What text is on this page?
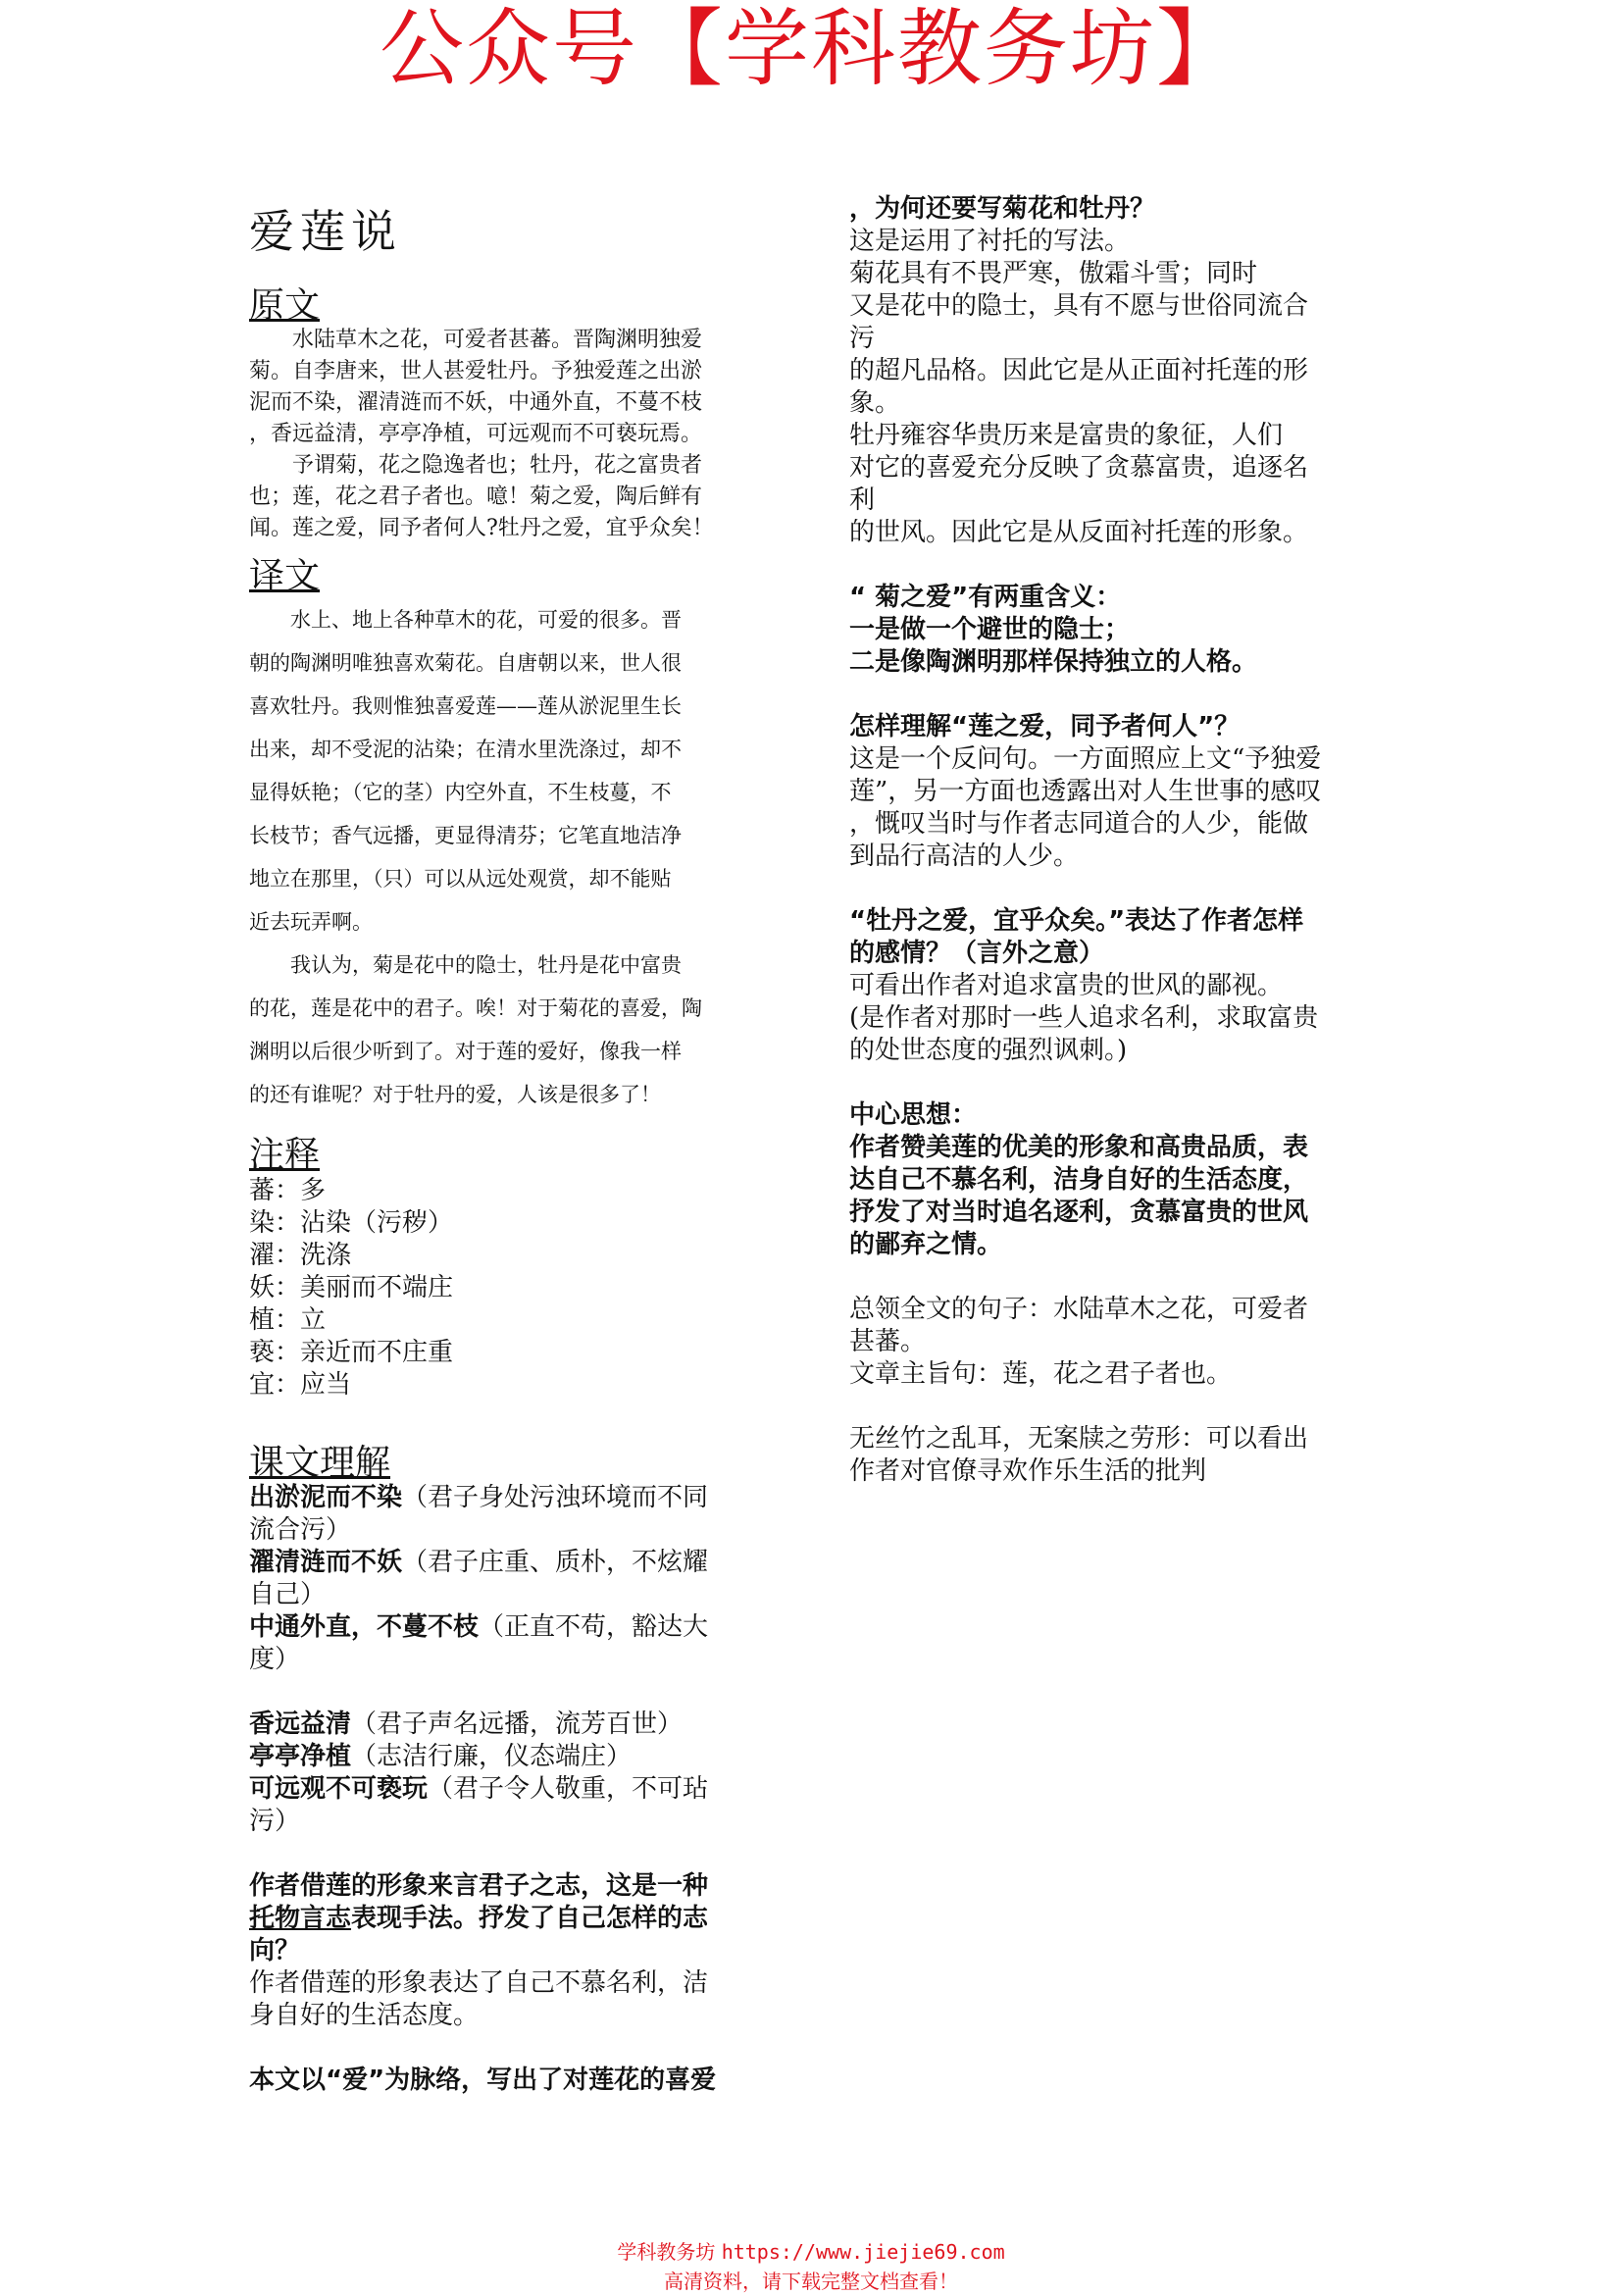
公众号【学科教务坊】
爱莲说
原文
水陆草木之花，可爱者甚蕃。晋陶渊明独爱
菊。自李唐来，世人甚爱牡丹。予独爱莲之出淤
泥而不染，濯清涟而不妖，中通外直，不蔓不枝
，香远益清，亭亭净植，可远观而不可亵玩焉。
予谓菊，花之隐逸者也；牡丹，花之富贵者
也；莲，花之君子者也。噫！菊之爱，陶后鲜有
闻。莲之爱，同予者何人?牡丹之爱，宜乎众矣！
译文
水上、地上各种草木的花，可爱的很多。晋
朝的陶渊明唯独喜欢菊花。自唐朝以来，世人很
喜欢牡丹。我则惟独喜爱莲——莲从淤泥里生长
出来，却不受泥的沾染；在清水里洗涤过，却不
显得妖艳；（它的茎）内空外直，不生枝蔓，不
长枝节；香气远播，更显得清芬；它笔直地洁净
地立在那里，（只）可以从远处观赏，却不能贴
近去玩弄啊。
我认为，菊是花中的隐士，牡丹是花中富贵
的花，莲是花中的君子。唉！对于菊花的喜爱，陶
渊明以后很少听到了。对于莲的爱好，像我一样
的还有谁呢？对于牡丹的爱，人该是很多了！
注释
蕃：多
染：沾染（污秽）
濯：洗涤
妖：美丽而不端庄
植：立
亵：亲近而不庄重
宜：应当
课文理解
出淤泥而不染（君子身处污浊环境而不同
流合污）
濯清涟而不妖（君子庄重、质朴，不炫耀
自己）
中通外直，不蔓不枝（正直不苟，豁达大
度）

香远益清（君子声名远播，流芳百世）
亭亭净植（志洁行廉，仪态端庄）
可远观不可亵玩（君子令人敬重，不可玷
污）

作者借莲的形象来言君子之志，这是一种
托物言志表现手法。抒发了自己怎样的志
向？
作者借莲的形象表达了自己不慕名利，洁
身自好的生活态度。

本文以“爱”为脉络，写出了对莲花的喜爱
，为何还要写菊花和牡丹？
这是运用了衬托的写法。
菊花具有不畏严寒，傲霜斗雪；同时
又是花中的隐士，具有不愿与世俗同流合
污
的超凡品格。因此它是从正面衬托莲的形
象。
牡丹雍容华贵历来是富贵的象征，人们
对它的喜爱充分反映了贪慕富贵，追逐名
利
的世风。因此它是从反面衬托莲的形象。

“ 菊之爱”有两重含义：
一是做一个避世的隐士；
二是像陶渊明那样保持独立的人格。

怎样理解“莲之爱，同予者何人”？
这是一个反问句。一方面照应上文“予独爱
莲”，另一方面也透露出对人生世事的感叹
，慨叹当时与作者志同道合的人少，能做
到品行高洁的人少。

“牡丹之爱，宜乎众矣。”表达了作者怎样
的感情？（言外之意）
可看出作者对追求富贵的世风的鄙视。
(是作者对那时一些人追求名利，求取富贵
的处世态度的强烈讽刺。)

中心思想：
作者赞美莲的优美的形象和高贵品质，表
达自己不慕名利，洁身自好的生活态度，
抒发了对当时追名逐利，贪慕富贵的世风
的鄙弃之情。

总领全文的句子：水陆草木之花，可爱者
甚蕃。
文章主旨句：莲，花之君子者也。

无丝竹之乱耳，无案牍之劳形：可以看出
作者对官僚寻欢作乐生活的批判
学科教务坊 https://www.jiejie69.com
高清资料，请下载完整文档查看！
